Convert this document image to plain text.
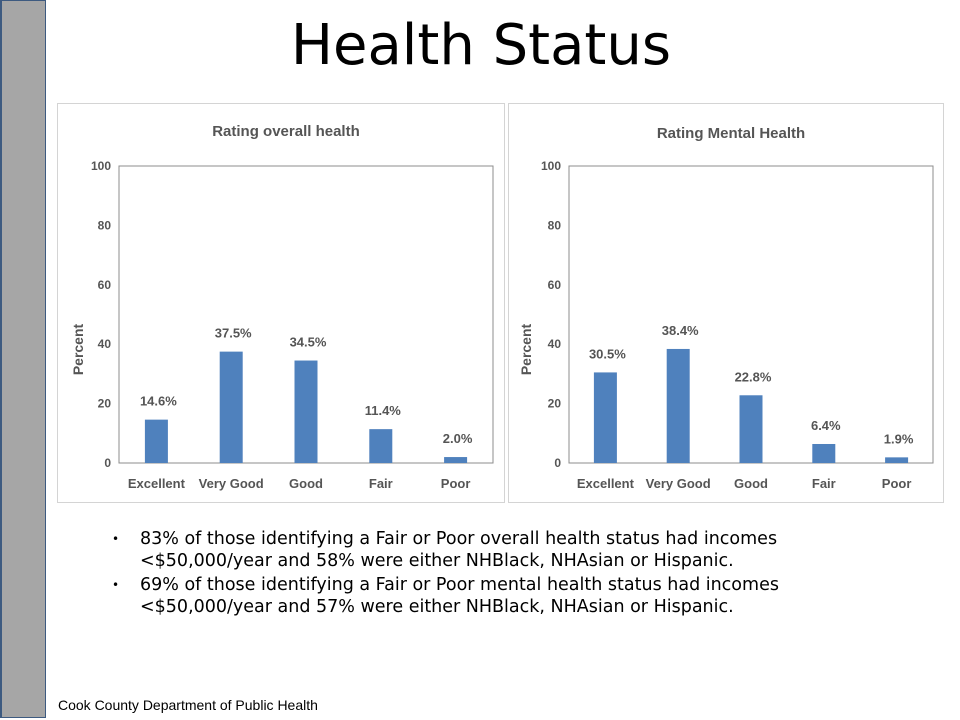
Health Status
Rating overall health
0
20
40
60
80
100
Percent
14.6%
Excellent
37.5%
Very Good
34.5%
Good
11.4%
Fair
2.0%
Poor
Rating Mental Health
0
20
40
60
80
100
Percent	30.5%
Excellent
38.4%
Very Good
22.8%
Good
6.4%
Fair
1.9%
Poor
• 83% of those identifying a Fair or Poor overall health status had incomes <$50,000/year and 58% were either NHBlack, NHAsian or Hispanic.
• 69% of those identifying a Fair or Poor mental health status had incomes <$50,000/year and 57% were either NHBlack, NHAsian or Hispanic.
Cook County Department of Public Health
